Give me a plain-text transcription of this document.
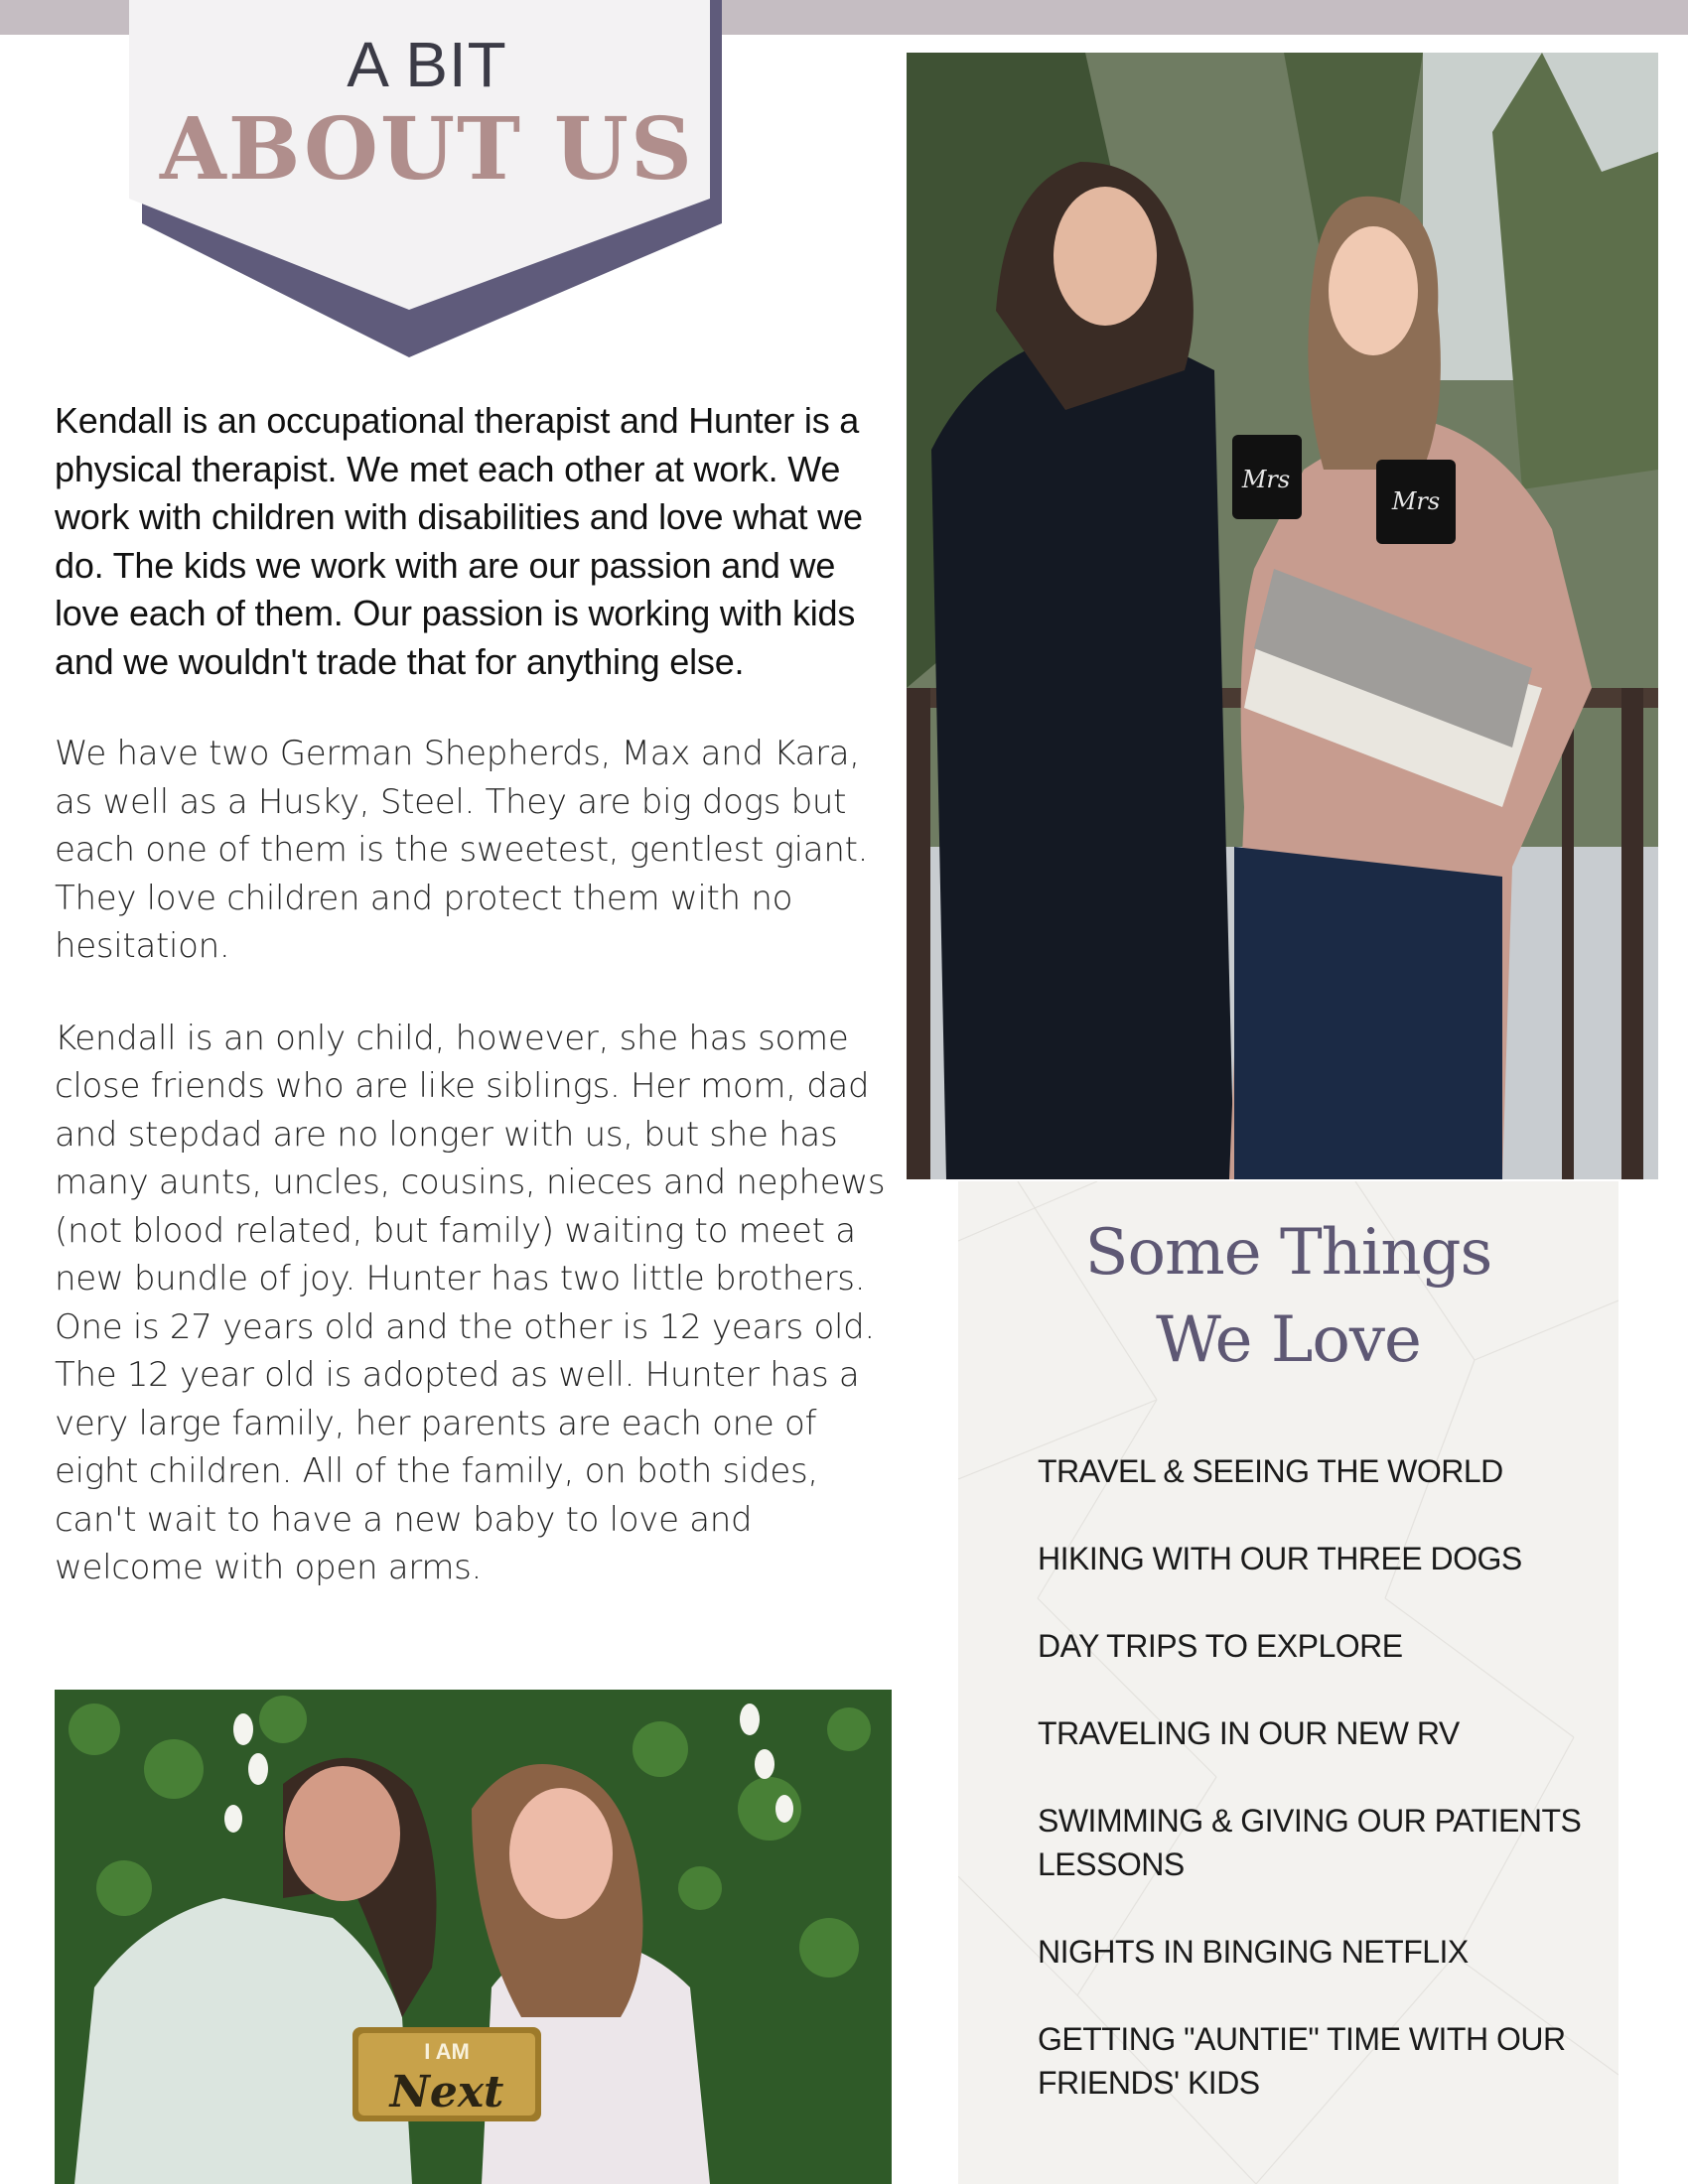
A BIT
ABOUT US

Kendall is an occupational therapist and Hunter is a physical therapist. We met each other at work. We work with children with disabilities and love what we do. The kids we work with are our passion and we love each of them. Our passion is working with kids and we wouldn't trade that for anything else.

We have two German Shepherds, Max and Kara, as well as a Husky, Steel. They are big dogs but each one of them is the sweetest, gentlest giant. They love children and protect them with no hesitation.

Kendall is an only child, however, she has some close friends who are like siblings. Her mom, dad and stepdad are no longer with us, but she has many aunts, uncles, cousins, nieces and nephews (not blood related, but family) waiting to meet a new bundle of joy. Hunter has two little brothers. One is 27 years old and the other is 12 years old. The 12 year old is adopted as well. Hunter has a very large family, her parents are each one of eight children. All of the family, on both sides, can't wait to have a new baby to love and welcome with open arms.

Mrs
Mrs
I AM
Next
Some Things
We Love
TRAVEL & SEEING THE WORLD
HIKING WITH OUR THREE DOGS
DAY TRIPS TO EXPLORE
TRAVELING IN OUR NEW RV
SWIMMING & GIVING OUR PATIENTS LESSONS
NIGHTS IN BINGING NETFLIX
GETTING "AUNTIE" TIME WITH OUR FRIENDS' KIDS
